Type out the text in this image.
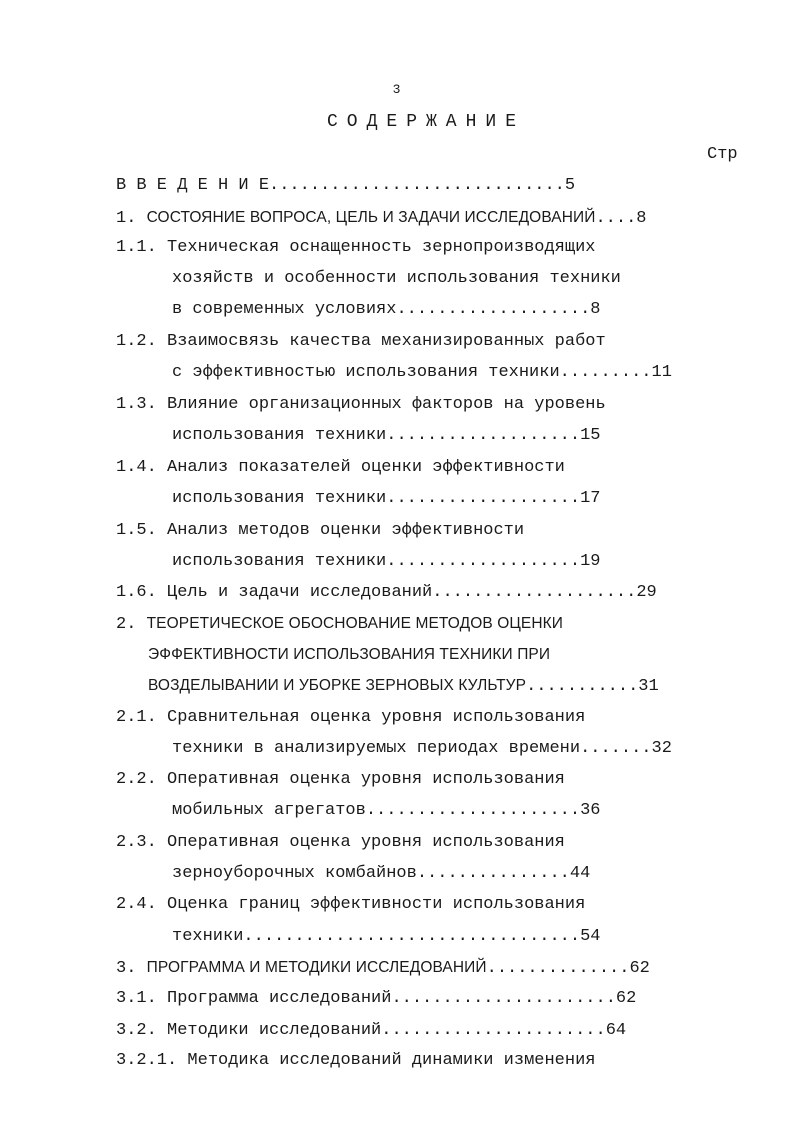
3
СОДЕРЖАНИЕ
Стр
В В Е Д Е Н И Е.............................5
1. СОСТОЯНИЕ ВОПРОСА, ЦЕЛЬ И ЗАДАЧИ ИССЛЕДОВАНИЙ....8
1.1. Техническая оснащенность зернопроизводящих
хозяйств и особенности использования техники
в современных условиях...................8
1.2. Взаимосвязь качества механизированных работ
с эффективностью использования техники.........11
1.3. Влияние организационных факторов на уровень
использования техники...................15
1.4. Анализ показателей оценки эффективности
использования техники...................17
1.5. Анализ методов оценки эффективности
использования техники...................19
1.6. Цель и задачи исследований....................29
2. ТЕОРЕТИЧЕСКОЕ ОБОСНОВАНИЕ МЕТОДОВ ОЦЕНКИ
ЭФФЕКТИВНОСТИ ИСПОЛЬЗОВАНИЯ ТЕХНИКИ ПРИ
ВОЗДЕЛЫВАНИИ И УБОРКЕ ЗЕРНОВЫХ КУЛЬТУР...........31
2.1. Сравнительная оценка уровня использования
техники в анализируемых периодах времени.......32
2.2. Оперативная оценка уровня использования
мобильных агрегатов.....................36
2.3. Оперативная оценка уровня использования
зерноуборочных комбайнов...............44
2.4. Оценка границ эффективности использования
техники.................................54
3. ПРОГРАММА И МЕТОДИКИ ИССЛЕДОВАНИЙ..............62
3.1. Программа исследований......................62
3.2. Методики исследований......................64
3.2.1. Методика исследований динамики изменения
